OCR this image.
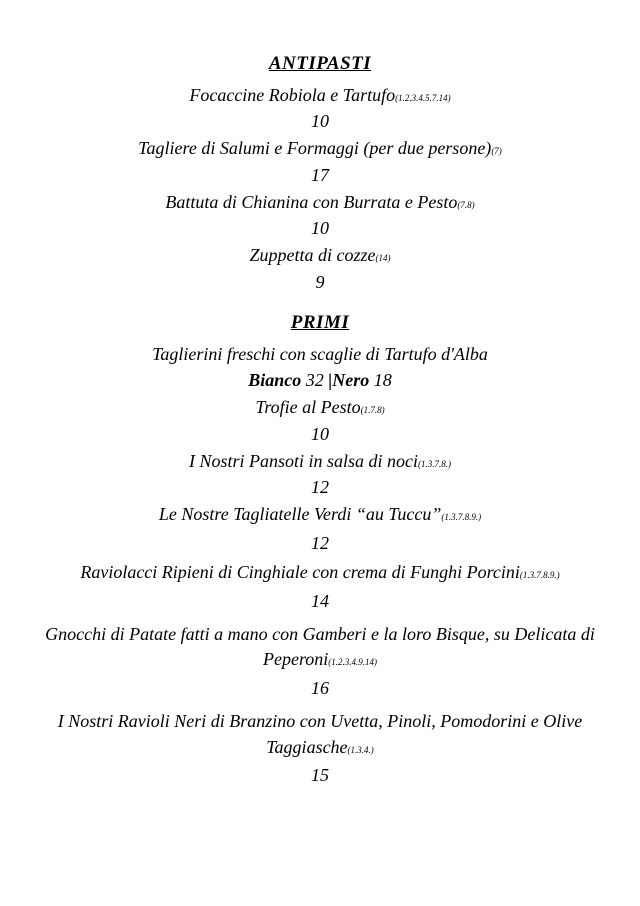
ANTIPASTI
Focaccine Robiola e Tartufo(1.2.3.4.5.7.14)
10
Tagliere di Salumi e Formaggi (per due persone)(7)
17
Battuta di Chianina con Burrata e Pesto(7.8)
10
Zuppetta di cozze(14)
9
PRIMI
Taglierini freschi con scaglie di Tartufo d'Alba
Bianco 32 |Nero 18
Trofie al Pesto(1.7.8)
10
I Nostri Pansoti in salsa di noci(1.3.7.8.)
12
Le Nostre Tagliatelle Verdi “au Tuccu”(1.3.7.8.9.)
12
Raviolacci Ripieni di Cinghiale con crema di Funghi Porcini(1.3.7.8.9.)
14
Gnocchi di Patate fatti a mano con Gamberi e la loro Bisque, su Delicata di Peperoni(1.2.3.4.9.14)
16
I Nostri Ravioli Neri di Branzino con Uvetta, Pinoli, Pomodorini e Olive Taggiasche(1.3.4.)
15
